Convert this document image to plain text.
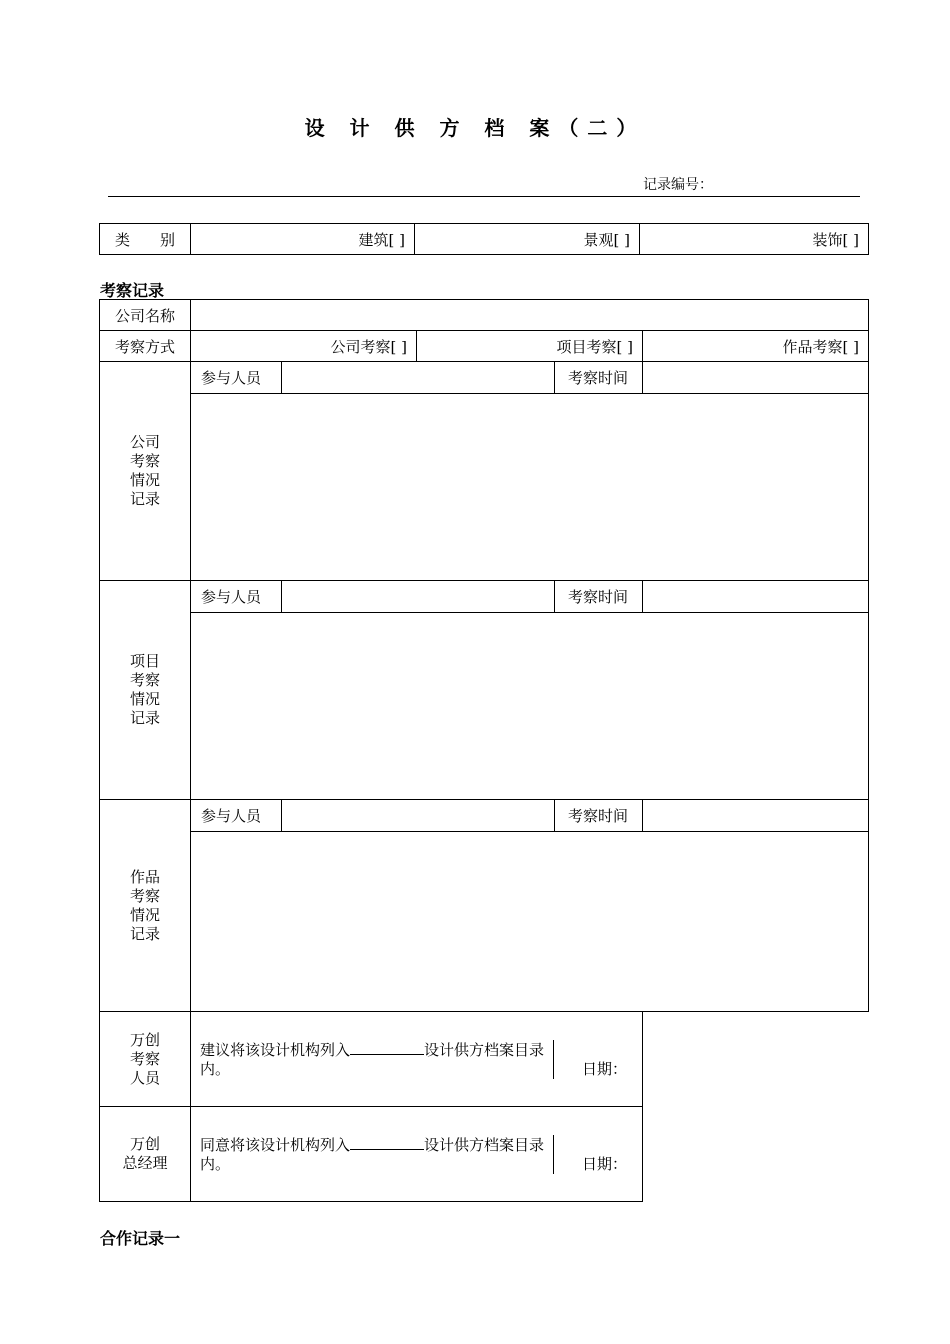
设 计 供 方 档 案（二）
记录编号：
类　　别	建筑[ ]	景观[ ]	装饰[ ]
考察记录
公司名称	
考察方式	公司考察[ ]	项目考察[ ]	作品考察[ ]

公司
考察
情况
记录

参与人员		考察时间	

项目
考察
情况
记录

参与人员		考察时间	

作品
考察
情况
记录

参与人员		考察时间	

万创
考察
人员

建议将该设计机构列入	设计供方档案目录内。	日期：

万创
总经理

同意将该设计机构列入	设计供方档案目录内。	日期：
合作记录一
